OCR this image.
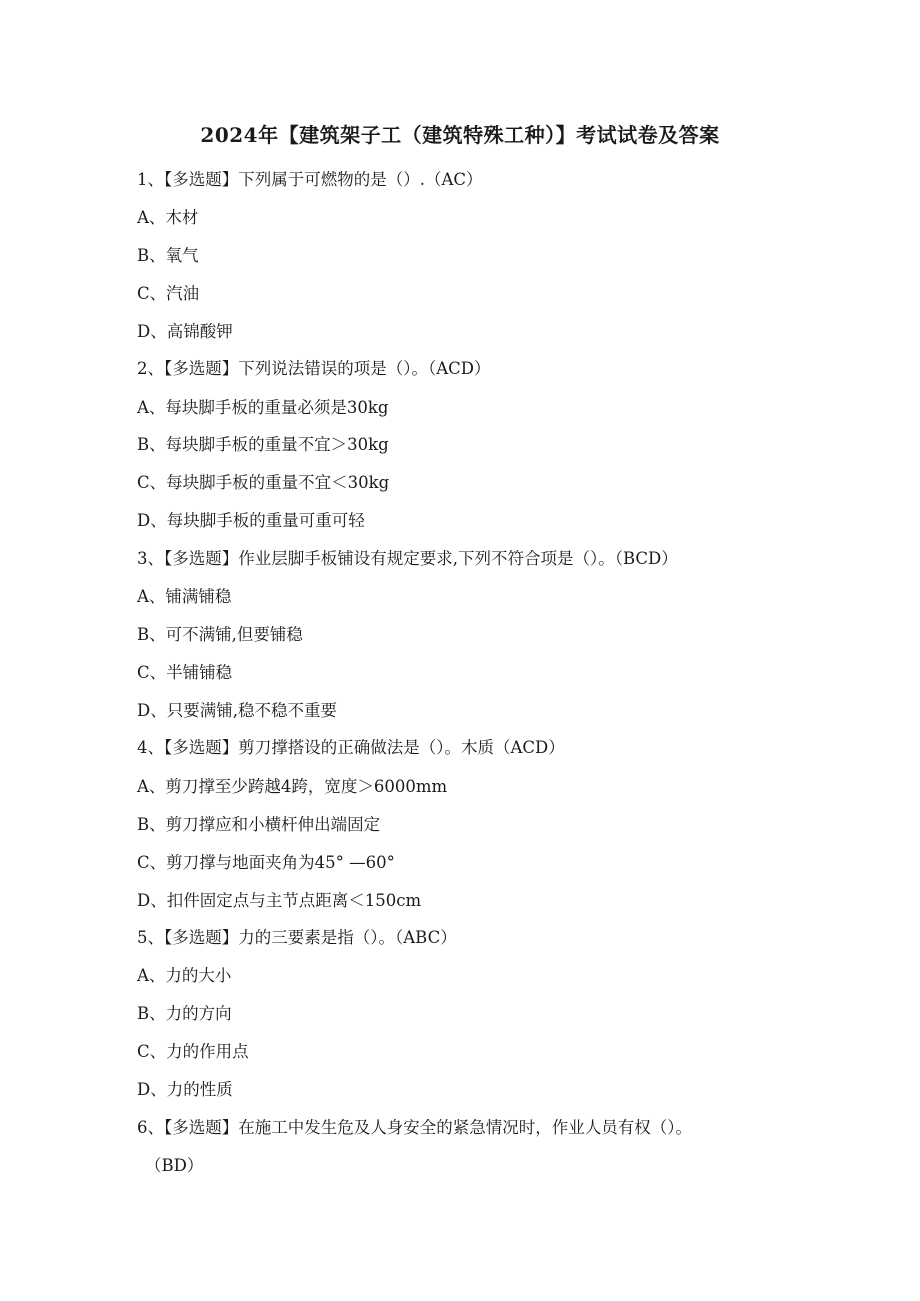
2024年【建筑架子工（建筑特殊工种）】考试试卷及答案
1、【多选题】下列属于可燃物的是（）.（AC）
A、木材
B、氧气
C、汽油
D、高锦酸钾
2、【多选题】下列说法错误的项是（）。（ACD）
A、每块脚手板的重量必须是30kg
B、每块脚手板的重量不宜＞30kg
C、每块脚手板的重量不宜＜30kg
D、每块脚手板的重量可重可轻
3、【多选题】作业层脚手板铺设有规定要求,下列不符合项是（）。（BCD）
A、铺满铺稳
B、可不满铺,但要铺稳
C、半铺铺稳
D、只要满铺,稳不稳不重要
4、【多选题】剪刀撑搭设的正确做法是（）。木质（ACD）
A、剪刀撑至少跨越4跨，宽度＞6000mm
B、剪刀撑应和小横杆伸出端固定
C、剪刀撑与地面夹角为45° —60°
D、扣件固定点与主节点距离＜150cm
5、【多选题】力的三要素是指（）。（ABC）
A、力的大小
B、力的方向
C、力的作用点
D、力的性质
6、【多选题】在施工中发生危及人身安全的紧急情况时，作业人员有权（）。
（BD）
